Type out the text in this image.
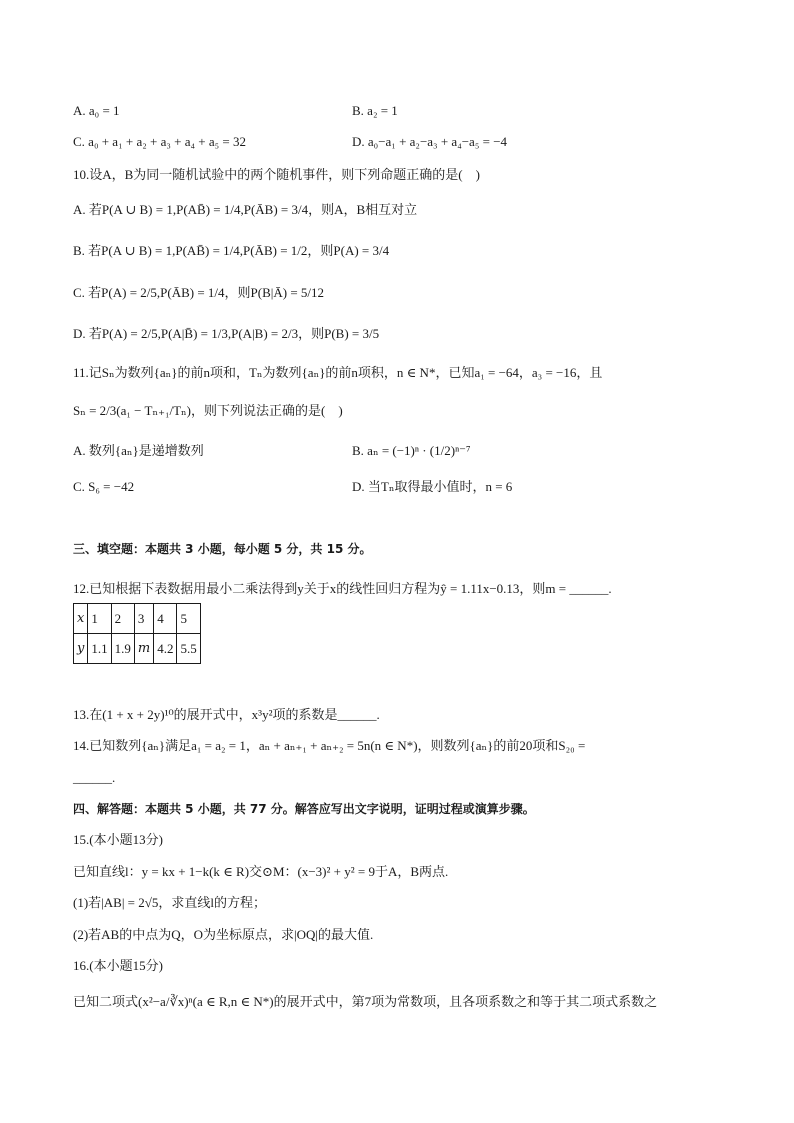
A. a₀ = 1	B. a₂ = 1
C. a₀ + a₁ + a₂ + a₃ + a₄ + a₅ = 32	D. a₀−a₁ + a₂−a₃ + a₄−a₅ = −4
10.设A，B为同一随机试验中的两个随机事件，则下列命题正确的是(　)
A. 若P(A ∪ B) = 1,P(AB̄) = 1/4,P(ĀB) = 3/4，则A，B相互对立
B. 若P(A ∪ B) = 1,P(AB̄) = 1/4,P(ĀB) = 1/2，则P(A) = 3/4
C. 若P(A) = 2/5,P(ĀB) = 1/4，则P(B|Ā) = 5/12
D. 若P(A) = 2/5,P(A|B̄) = 1/3,P(A|B) = 2/3，则P(B) = 3/5
11.记Sₙ为数列{aₙ}的前n项和，Tₙ为数列{aₙ}的前n项积，n ∈ N*，已知a₁ = −64，a₃ = −16，且
Sₙ = 2/3(a₁ − Tₙ₊₁/Tₙ)，则下列说法正确的是(　)
A. 数列{aₙ}是递增数列	B. aₙ = (−1)ⁿ · (1/2)ⁿ⁻⁷
C. S₆ = −42	D. 当Tₙ取得最小值时，n = 6
三、填空题：本题共 3 小题，每小题 5 分，共 15 分。
12.已知根据下表数据用最小二乘法得到y关于x的线性回归方程为ŷ = 1.11x−0.13，则m = ______.
x	1	2	3	4	5
y	1.1	1.9	m	4.2	5.5
13.在(1 + x + 2y)¹⁰的展开式中，x³y²项的系数是______.
14.已知数列{aₙ}满足a₁ = a₂ = 1，aₙ + aₙ₊₁ + aₙ₊₂ = 5n(n ∈ N*)，则数列{aₙ}的前20项和S₂₀ =
______.
四、解答题：本题共 5 小题，共 77 分。解答应写出文字说明，证明过程或演算步骤。
15.(本小题13分)
已知直线l：y = kx + 1−k(k ∈ R)交⊙M：(x−3)² + y² = 9于A，B两点.
(1)若|AB| = 2√5，求直线l的方程；
(2)若AB的中点为Q，O为坐标原点，求|OQ|的最大值.
16.(本小题15分)
已知二项式(x²−a/∛x)ⁿ(a ∈ R,n ∈ N*)的展开式中，第7项为常数项，且各项系数之和等于其二项式系数之
